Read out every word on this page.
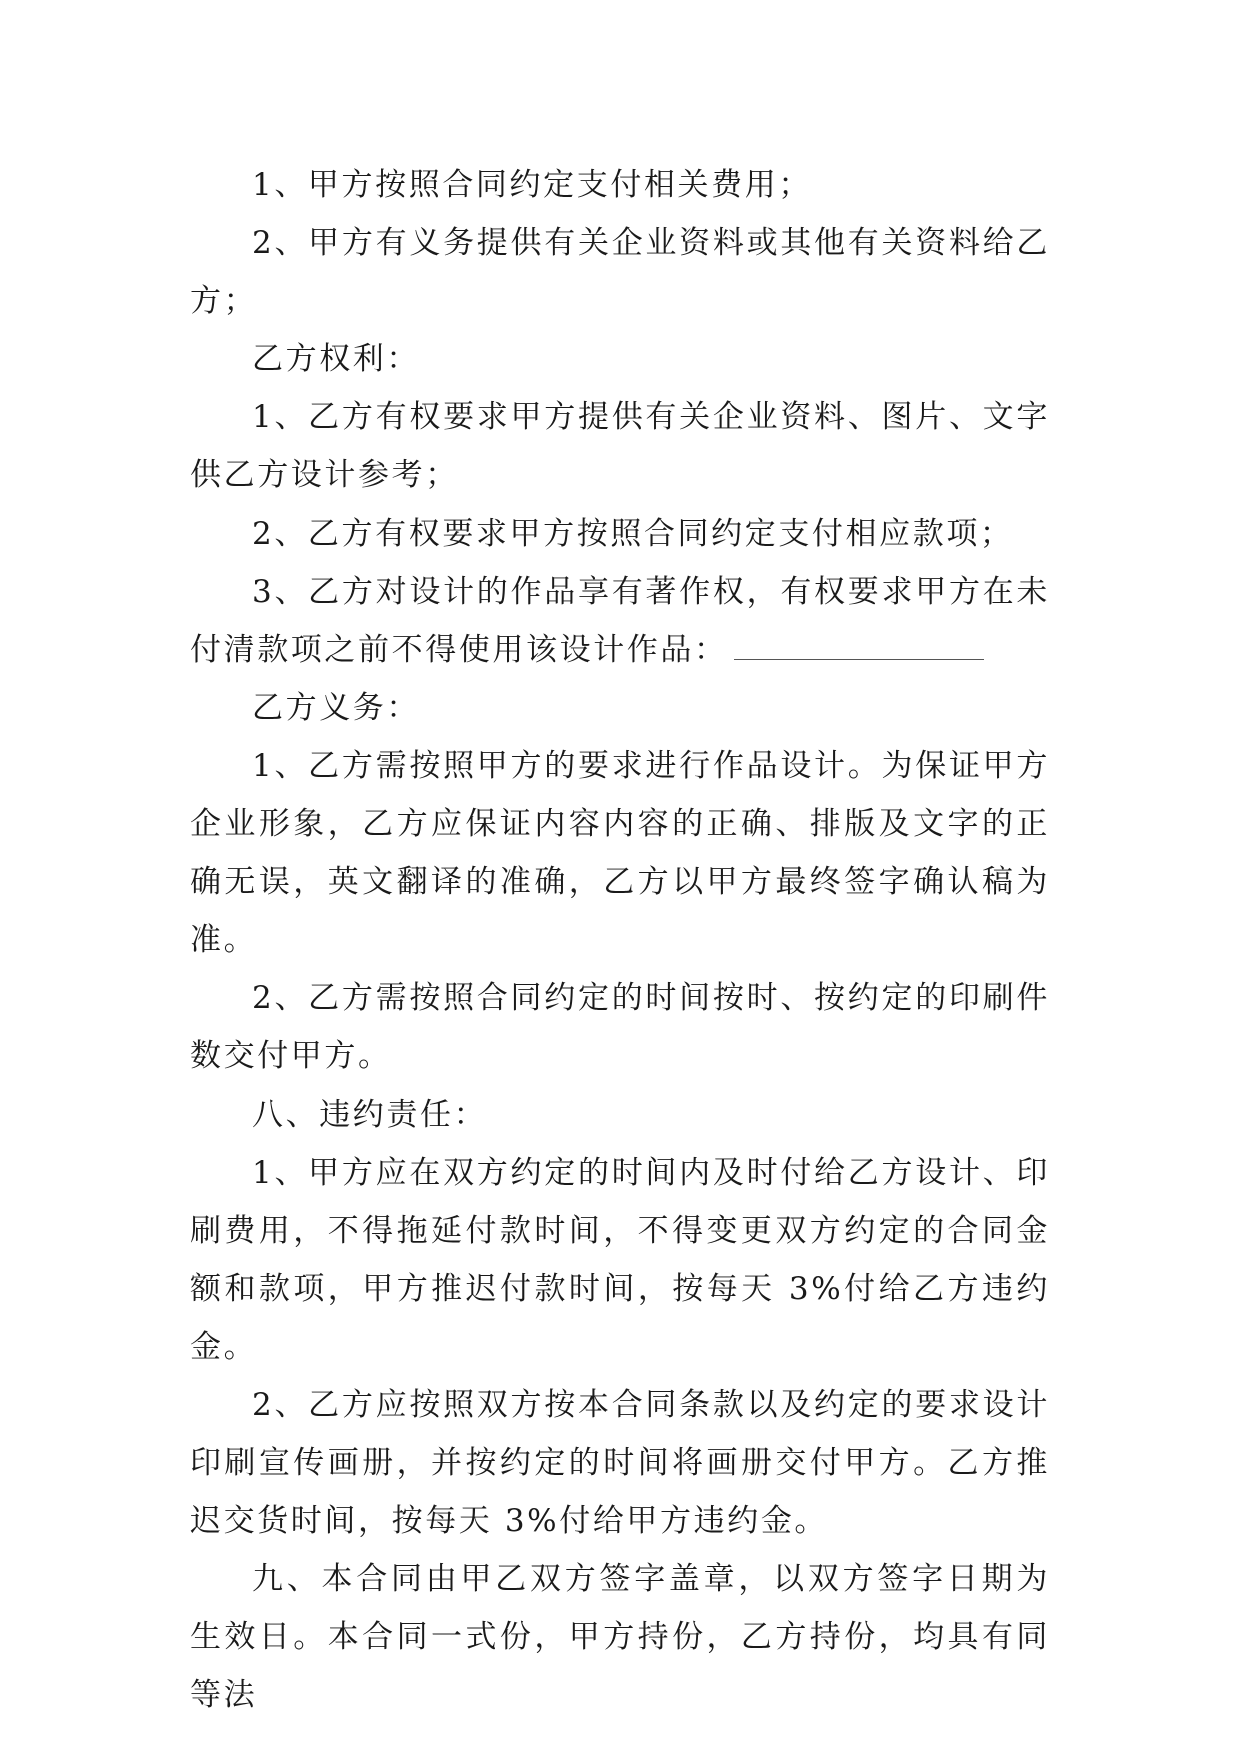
1、甲方按照合同约定支付相关费用；

2、甲方有义务提供有关企业资料或其他有关资料给乙方；

乙方权利：

1、乙方有权要求甲方提供有关企业资料、图片、文字供乙方设计参考；

2、乙方有权要求甲方按照合同约定支付相应款项；

3、乙方对设计的作品享有著作权，有权要求甲方在未付清款项之前不得使用该设计作品：

乙方义务：

1、乙方需按照甲方的要求进行作品设计。为保证甲方企业形象，乙方应保证内容内容的正确、排版及文字的正确无误，英文翻译的准确，乙方以甲方最终签字确认稿为准。

2、乙方需按照合同约定的时间按时、按约定的印刷件数交付甲方。

八、违约责任：

1、甲方应在双方约定的时间内及时付给乙方设计、印刷费用，不得拖延付款时间，不得变更双方约定的合同金额和款项，甲方推迟付款时间，按每天 3%付给乙方违约金。

2、乙方应按照双方按本合同条款以及约定的要求设计印刷宣传画册，并按约定的时间将画册交付甲方。乙方推迟交货时间，按每天 3%付给甲方违约金。

九、本合同由甲乙双方签字盖章，以双方签字日期为生效日。本合同一式份，甲方持份，乙方持份，均具有同等法
